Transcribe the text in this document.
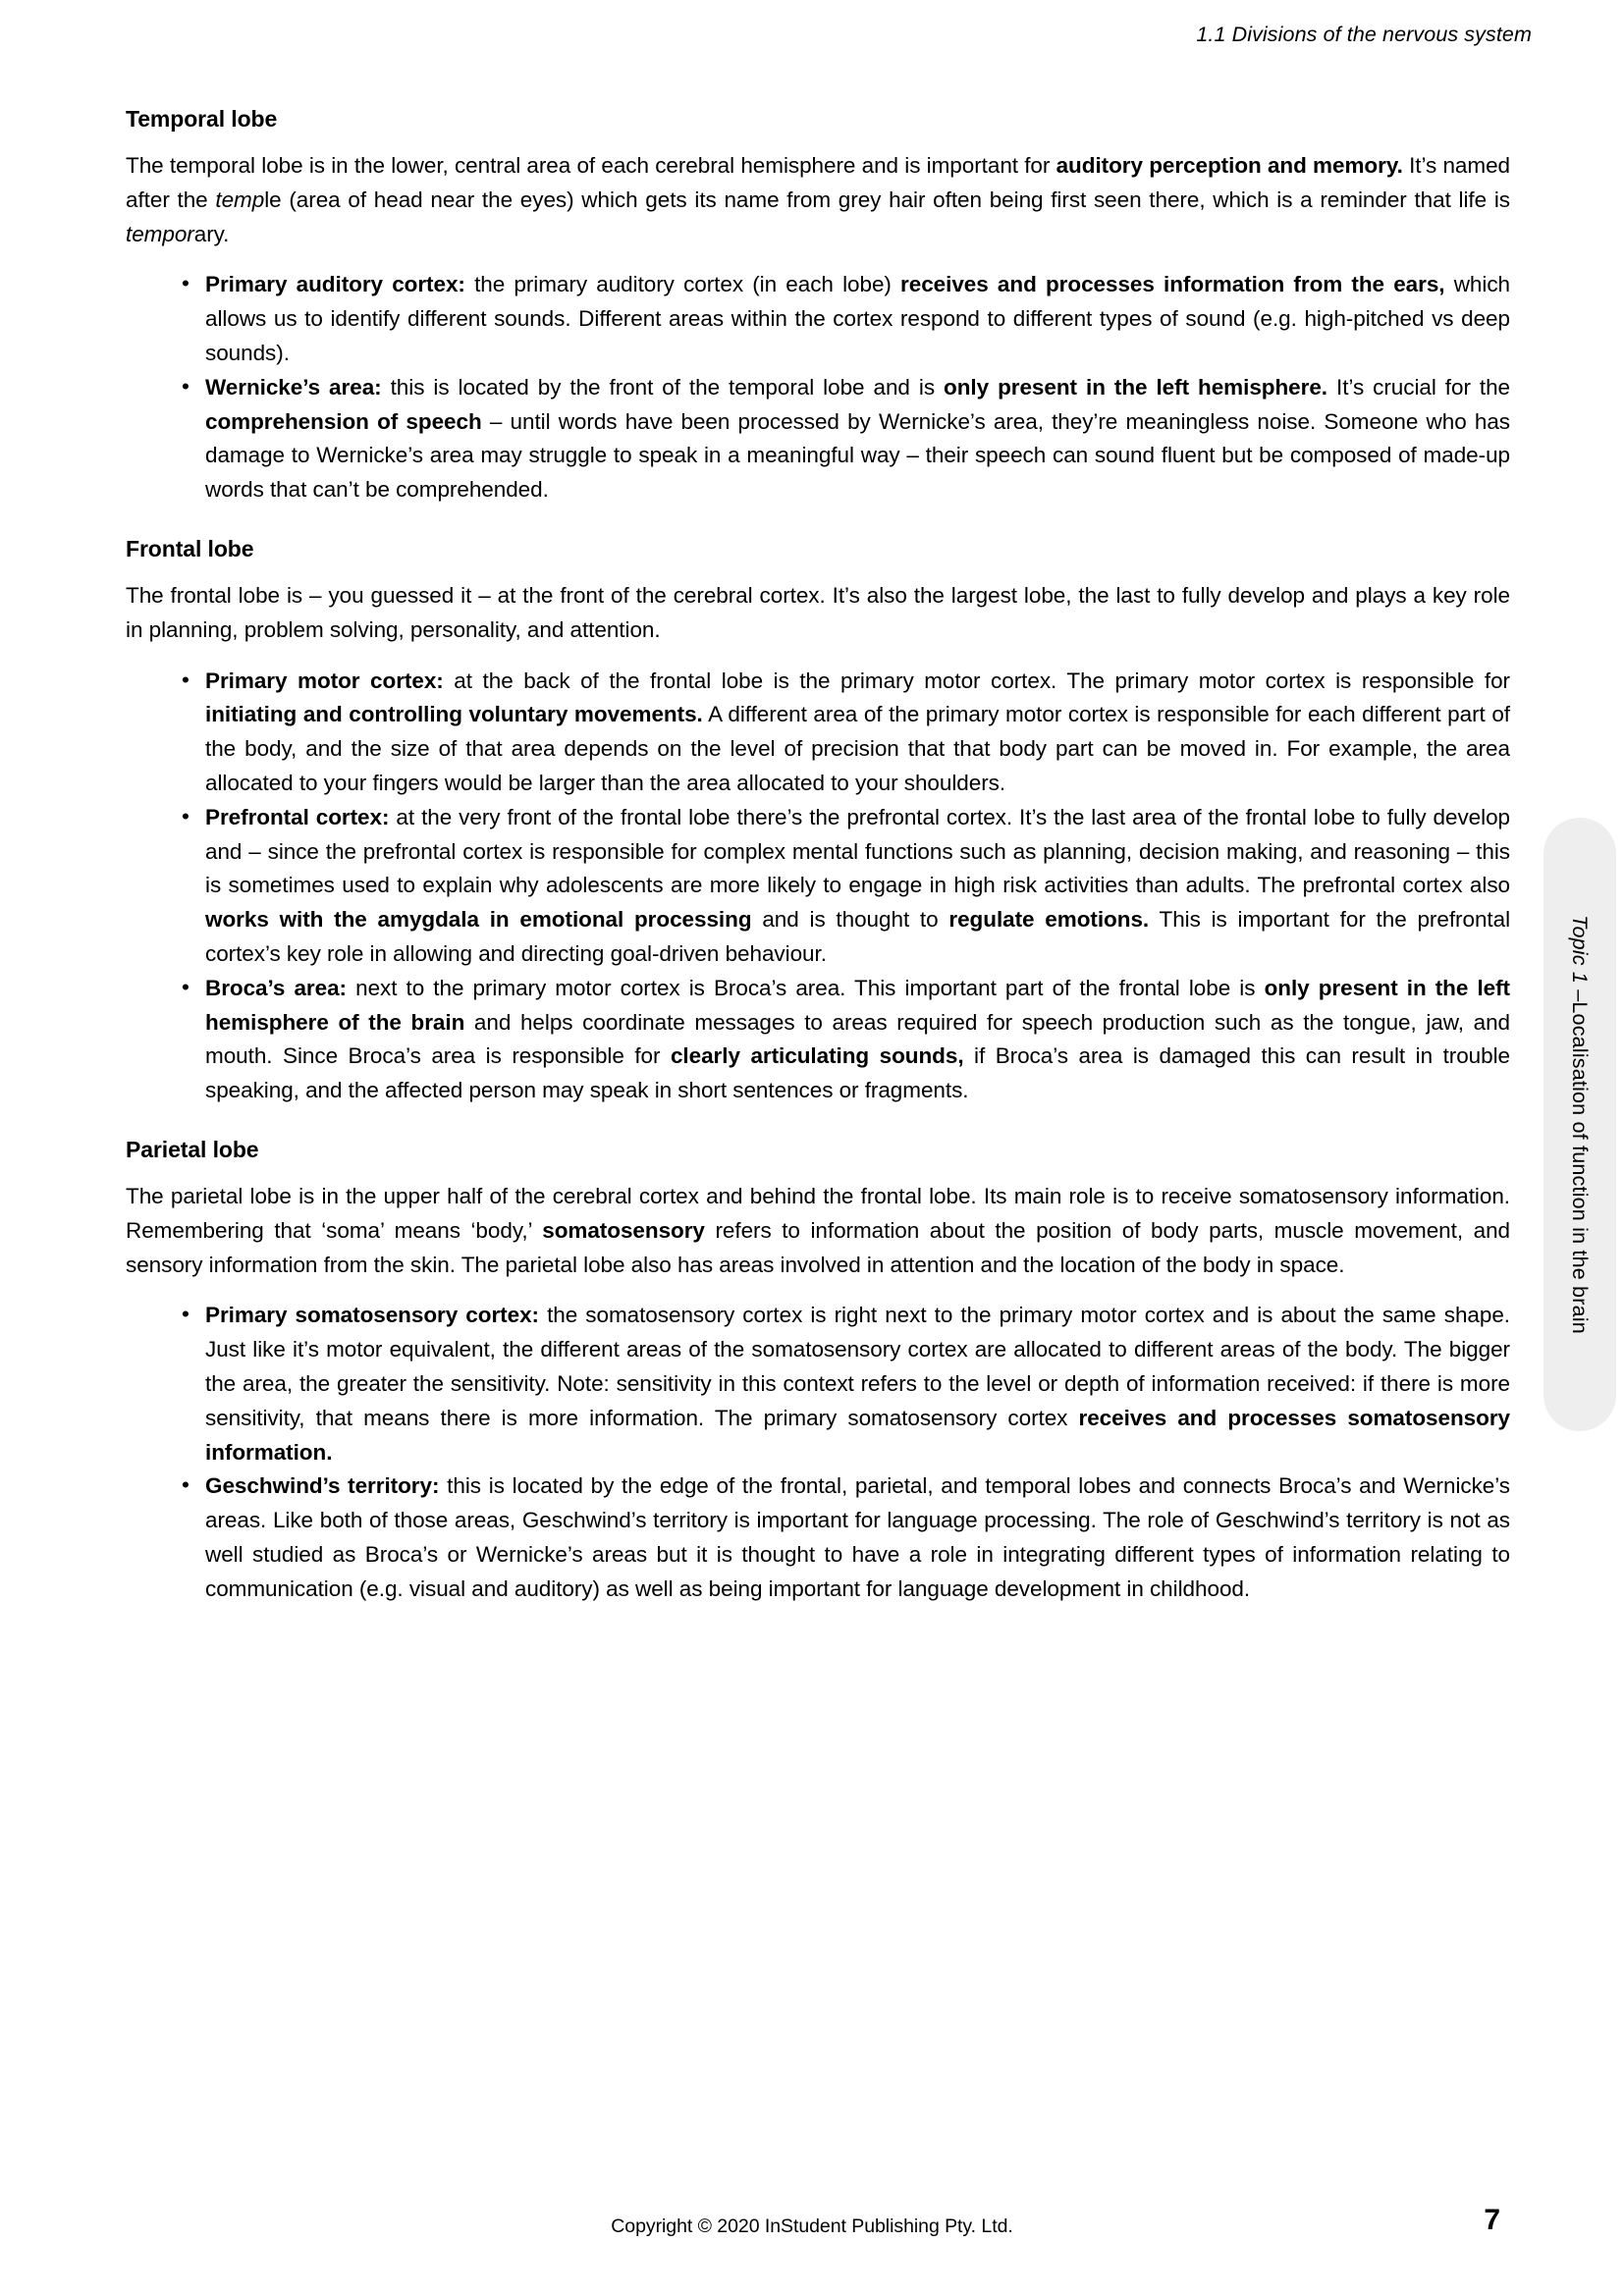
1.1 Divisions of the nervous system
Temporal lobe

The temporal lobe is in the lower, central area of each cerebral hemisphere and is important for auditory perception and memory. It’s named after the temple (area of head near the eyes) which gets its name from grey hair often being first seen there, which is a reminder that life is temporary.

• Primary auditory cortex: the primary auditory cortex (in each lobe) receives and processes information from the ears, which allows us to identify different sounds. Different areas within the cortex respond to different types of sound (e.g. high-pitched vs deep sounds).
• Wernicke’s area: this is located by the front of the temporal lobe and is only present in the left hemisphere. It’s crucial for the comprehension of speech – until words have been processed by Wernicke’s area, they’re meaningless noise. Someone who has damage to Wernicke’s area may struggle to speak in a meaningful way – their speech can sound fluent but be composed of made-up words that can’t be comprehended.
Frontal lobe

The frontal lobe is – you guessed it – at the front of the cerebral cortex. It’s also the largest lobe, the last to fully develop and plays a key role in planning, problem solving, personality, and attention.

• Primary motor cortex: at the back of the frontal lobe is the primary motor cortex. The primary motor cortex is responsible for initiating and controlling voluntary movements. A different area of the primary motor cortex is responsible for each different part of the body, and the size of that area depends on the level of precision that that body part can be moved in. For example, the area allocated to your fingers would be larger than the area allocated to your shoulders.
• Prefrontal cortex: at the very front of the frontal lobe there’s the prefrontal cortex. It’s the last area of the frontal lobe to fully develop and – since the prefrontal cortex is responsible for complex mental functions such as planning, decision making, and reasoning – this is sometimes used to explain why adolescents are more likely to engage in high risk activities than adults. The prefrontal cortex also works with the amygdala in emotional processing and is thought to regulate emotions. This is important for the prefrontal cortex’s key role in allowing and directing goal-driven behaviour.
• Broca’s area: next to the primary motor cortex is Broca’s area. This important part of the frontal lobe is only present in the left hemisphere of the brain and helps coordinate messages to areas required for speech production such as the tongue, jaw, and mouth. Since Broca’s area is responsible for clearly articulating sounds, if Broca’s area is damaged this can result in trouble speaking, and the affected person may speak in short sentences or fragments.
Parietal lobe

The parietal lobe is in the upper half of the cerebral cortex and behind the frontal lobe. Its main role is to receive somatosensory information. Remembering that ‘soma’ means ‘body,’ somatosensory refers to information about the position of body parts, muscle movement, and sensory information from the skin. The parietal lobe also has areas involved in attention and the location of the body in space.

• Primary somatosensory cortex: the somatosensory cortex is right next to the primary motor cortex and is about the same shape. Just like it’s motor equivalent, the different areas of the somatosensory cortex are allocated to different areas of the body. The bigger the area, the greater the sensitivity. Note: sensitivity in this context refers to the level or depth of information received: if there is more sensitivity, that means there is more information. The primary somatosensory cortex receives and processes somatosensory information.
• Geschwind’s territory: this is located by the edge of the frontal, parietal, and temporal lobes and connects Broca’s and Wernicke’s areas. Like both of those areas, Geschwind’s territory is important for language processing. The role of Geschwind’s territory is not as well studied as Broca’s or Wernicke’s areas but it is thought to have a role in integrating different types of information relating to communication (e.g. visual and auditory) as well as being important for language development in childhood.
Topic 1 –
Localisation of function in the brain
Copyright © 2020 InStudent Publishing Pty. Ltd.	7
